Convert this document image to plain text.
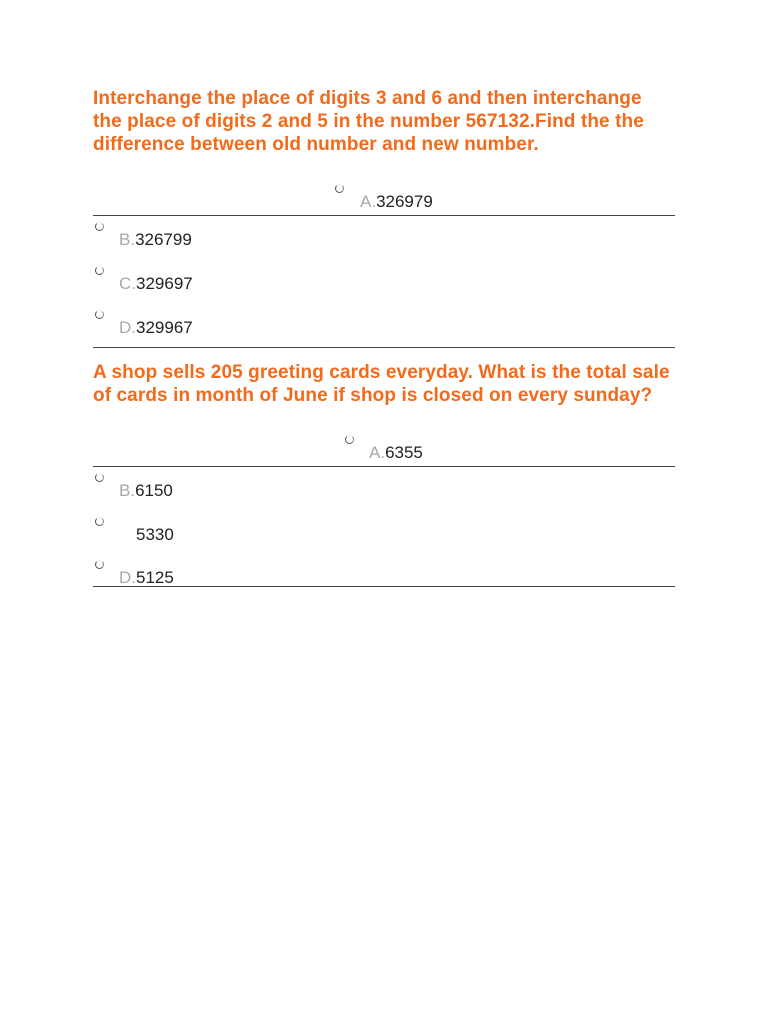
Interchange the place of digits 3 and 6 and then interchange the place of digits 2 and 5 in the number 567132.Find the the difference between old number and new number.

A.326979
B.326799
C.329697
D.329967

A shop sells 205 greeting cards everyday. What is the total sale of cards in month of June if shop is closed on every sunday?

A.6355
B.6150
5330
D.5125
